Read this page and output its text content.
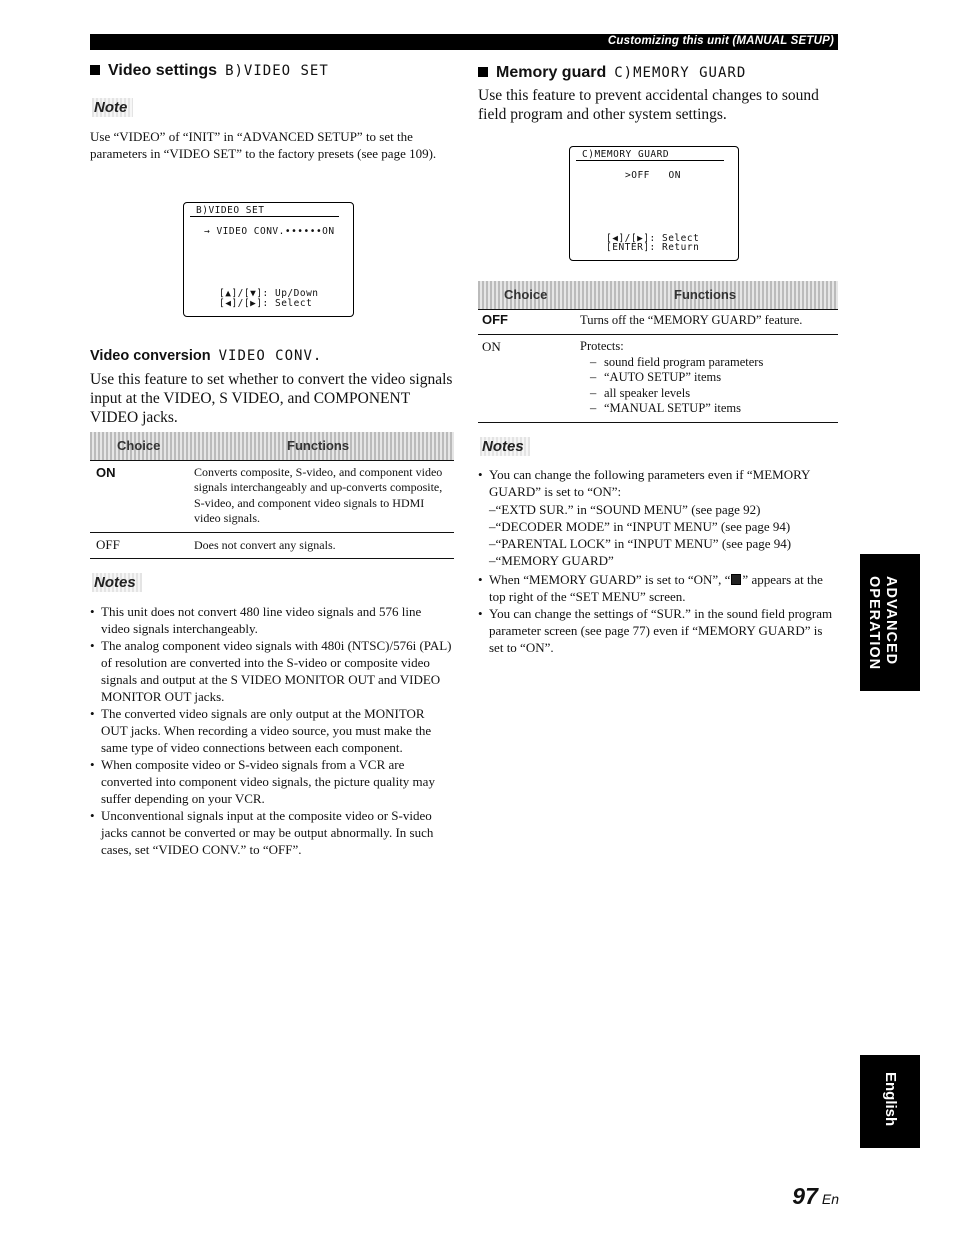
Customizing this unit (MANUAL SETUP)
Video settings B)VIDEO SET
Note
Use “VIDEO” of “INIT” in “ADVANCED SETUP” to set the parameters in “VIDEO SET” to the factory presets (see page 109).
B)VIDEO SET
→ VIDEO CONV.••••••ON
[▲]/[▼]: Up/Down
[◀]/[▶]: Select
Video conversion VIDEO CONV.
Use this feature to set whether to convert the video signals input at the VIDEO, S VIDEO, and COMPONENT VIDEO jacks.
Choice	Functions
ON	Converts composite, S-video, and component video signals interchangeably and up-converts composite, S-video, and component video signals to HDMI video signals.
OFF	Does not convert any signals.
Notes
• This unit does not convert 480 line video signals and 576 line video signals interchangeably.
• The analog component video signals with 480i (NTSC)/576i (PAL) of resolution are converted into the S-video or composite video signals and output at the S VIDEO MONITOR OUT and VIDEO MONITOR OUT jacks.
• The converted video signals are only output at the MONITOR OUT jacks. When recording a video source, you must make the same type of video connections between each component.
• When composite video or S-video signals from a VCR are converted into component video signals, the picture quality may suffer depending on your VCR.
• Unconventional signals input at the composite video or S-video jacks cannot be converted or may be output abnormally. In such cases, set “VIDEO CONV.” to “OFF”.
Memory guard C)MEMORY GUARD
Use this feature to prevent accidental changes to sound field program and other system settings.
C)MEMORY GUARD
>OFF   ON
[◀]/[▶]: Select
[ENTER]: Return
Choice	Functions
OFF	Turns off the “MEMORY GUARD” feature.
ON	Protects:
– sound field program parameters
– “AUTO SETUP” items
– all speaker levels
– “MANUAL SETUP” items
Notes
• You can change the following parameters even if “MEMORY GUARD” is set to “ON”:
–“EXTD SUR.” in “SOUND MENU” (see page 92)
–“DECODER MODE” in “INPUT MENU” (see page 94)
–“PARENTAL LOCK” in “INPUT MENU” (see page 94)
–“MEMORY GUARD”
• When “MEMORY GUARD” is set to “ON”, “ ” appears at the top right of the “SET MENU” screen.
• You can change the settings of “SUR.” in the sound field program parameter screen (see page 77) even if “MEMORY GUARD” is set to “ON”.	ADVANCED
OPERATION
English
97 En
